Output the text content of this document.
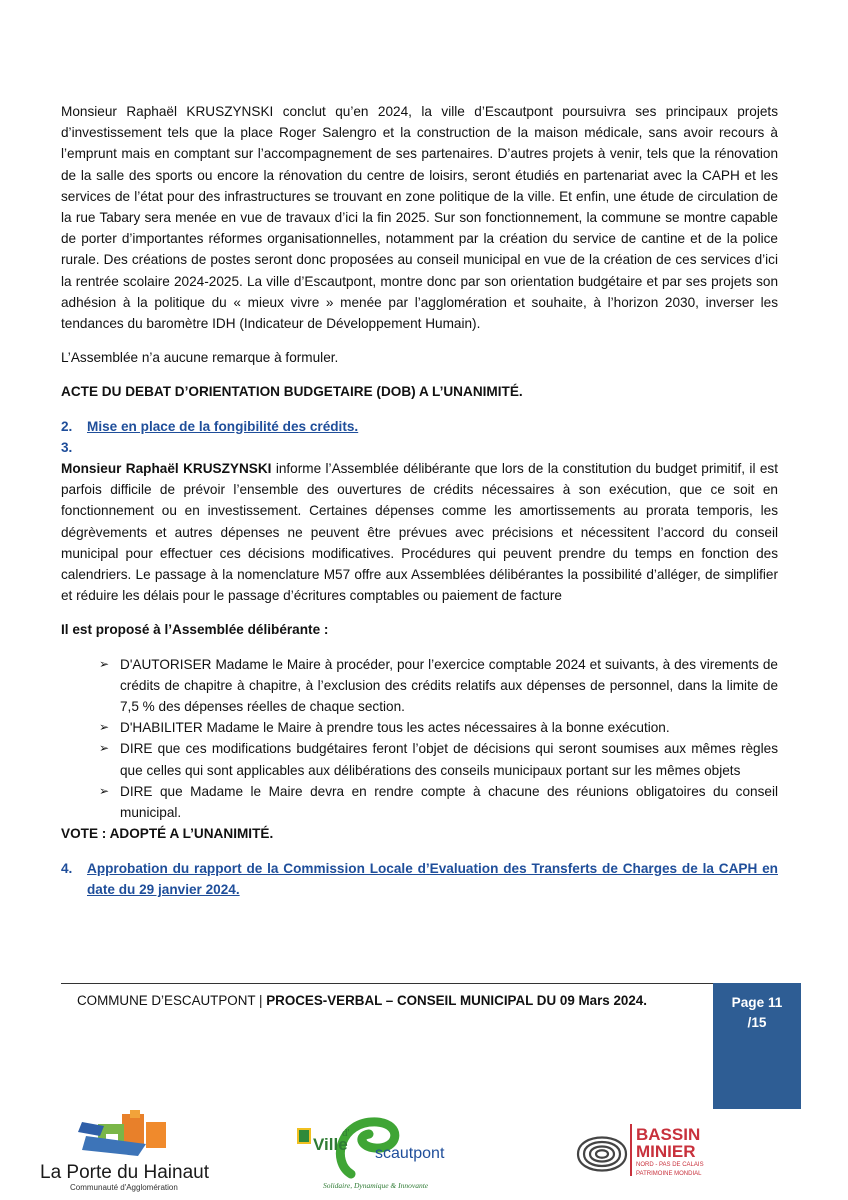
Monsieur Raphaël KRUSZYNSKI conclut qu’en 2024, la ville d’Escautpont poursuivra ses principaux projets d’investissement tels que la place Roger Salengro et la construction de la maison médicale, sans avoir recours à l’emprunt mais en comptant sur l’accompagnement de ses partenaires. D’autres projets à venir, tels que la rénovation de la salle des sports ou encore la rénovation du centre de loisirs, seront étudiés en partenariat avec la CAPH et les services de l’état pour des infrastructures se trouvant en zone politique de la ville. Et enfin, une étude de circulation de la rue Tabary sera menée en vue de travaux d’ici la fin 2025. Sur son fonctionnement, la commune se montre capable de porter d’importantes réformes organisationnelles, notamment par la création du service de cantine et de la police rurale. Des créations de postes seront donc proposées au conseil municipal en vue de la création de ces services d’ici la rentrée scolaire 2024-2025. La ville d’Escautpont, montre donc par son orientation budgétaire et par ses projets son adhésion à la politique du « mieux vivre » menée par l’agglomération et souhaite, à l’horizon 2030, inverser les tendances du baromètre IDH (Indicateur de Développement Humain).

L’Assemblée n’a aucune remarque à formuler.

ACTE DU DEBAT D’ORIENTATION BUDGETAIRE (DOB) A L’UNANIMITÉ.

2. Mise en place de la fongibilité des crédits.

3.

Monsieur Raphaël KRUSZYNSKI informe l’Assemblée délibérante que lors de la constitution du budget primitif, il est parfois difficile de prévoir l’ensemble des ouvertures de crédits nécessaires à son exécution, que ce soit en fonctionnement ou en investissement. Certaines dépenses comme les amortissements au prorata temporis, les dégrèvements et autres dépenses ne peuvent être prévues avec précisions et nécessitent l’accord du conseil municipal pour effectuer ces décisions modificatives. Procédures qui peuvent prendre du temps en fonction des calendriers. Le passage à la nomenclature M57 offre aux Assemblées délibérantes la possibilité d’alléger, de simplifier et réduire les délais pour le passage d’écritures comptables ou paiement de facture

Il est proposé à l’Assemblée délibérante :

➢ D'AUTORISER Madame le Maire à procéder, pour l’exercice comptable 2024 et suivants, à des virements de crédits de chapitre à chapitre, à l’exclusion des crédits relatifs aux dépenses de personnel, dans la limite de 7,5 % des dépenses réelles de chaque section.
➢ D'HABILITER Madame le Maire à prendre tous les actes nécessaires à la bonne exécution.
➢ DIRE que ces modifications budgétaires feront l’objet de décisions qui seront soumises aux mêmes règles que celles qui sont applicables aux délibérations des conseils municipaux portant sur les mêmes objets
➢ DIRE que Madame le Maire devra en rendre compte à chacune des réunions obligatoires du conseil municipal.

VOTE : ADOPTÉ A L’UNANIMITÉ.

4.	Approbation du rapport de la Commission Locale d’Evaluation des Transferts de Charges de la CAPH en date du 29 janvier 2024.
COMMUNE D’ESCAUTPONT | PROCES-VERBAL – CONSEIL MUNICIPAL DU 09 Mars 2024.	Page 11
/15
La Porte du Hainaut
Communauté d'Agglomération
Ville
d'
scautpont
Solidaire, Dynamique & Innovante
BASSIN
MINIER
NORD - PAS DE CALAIS
PATRIMOINE MONDIAL
